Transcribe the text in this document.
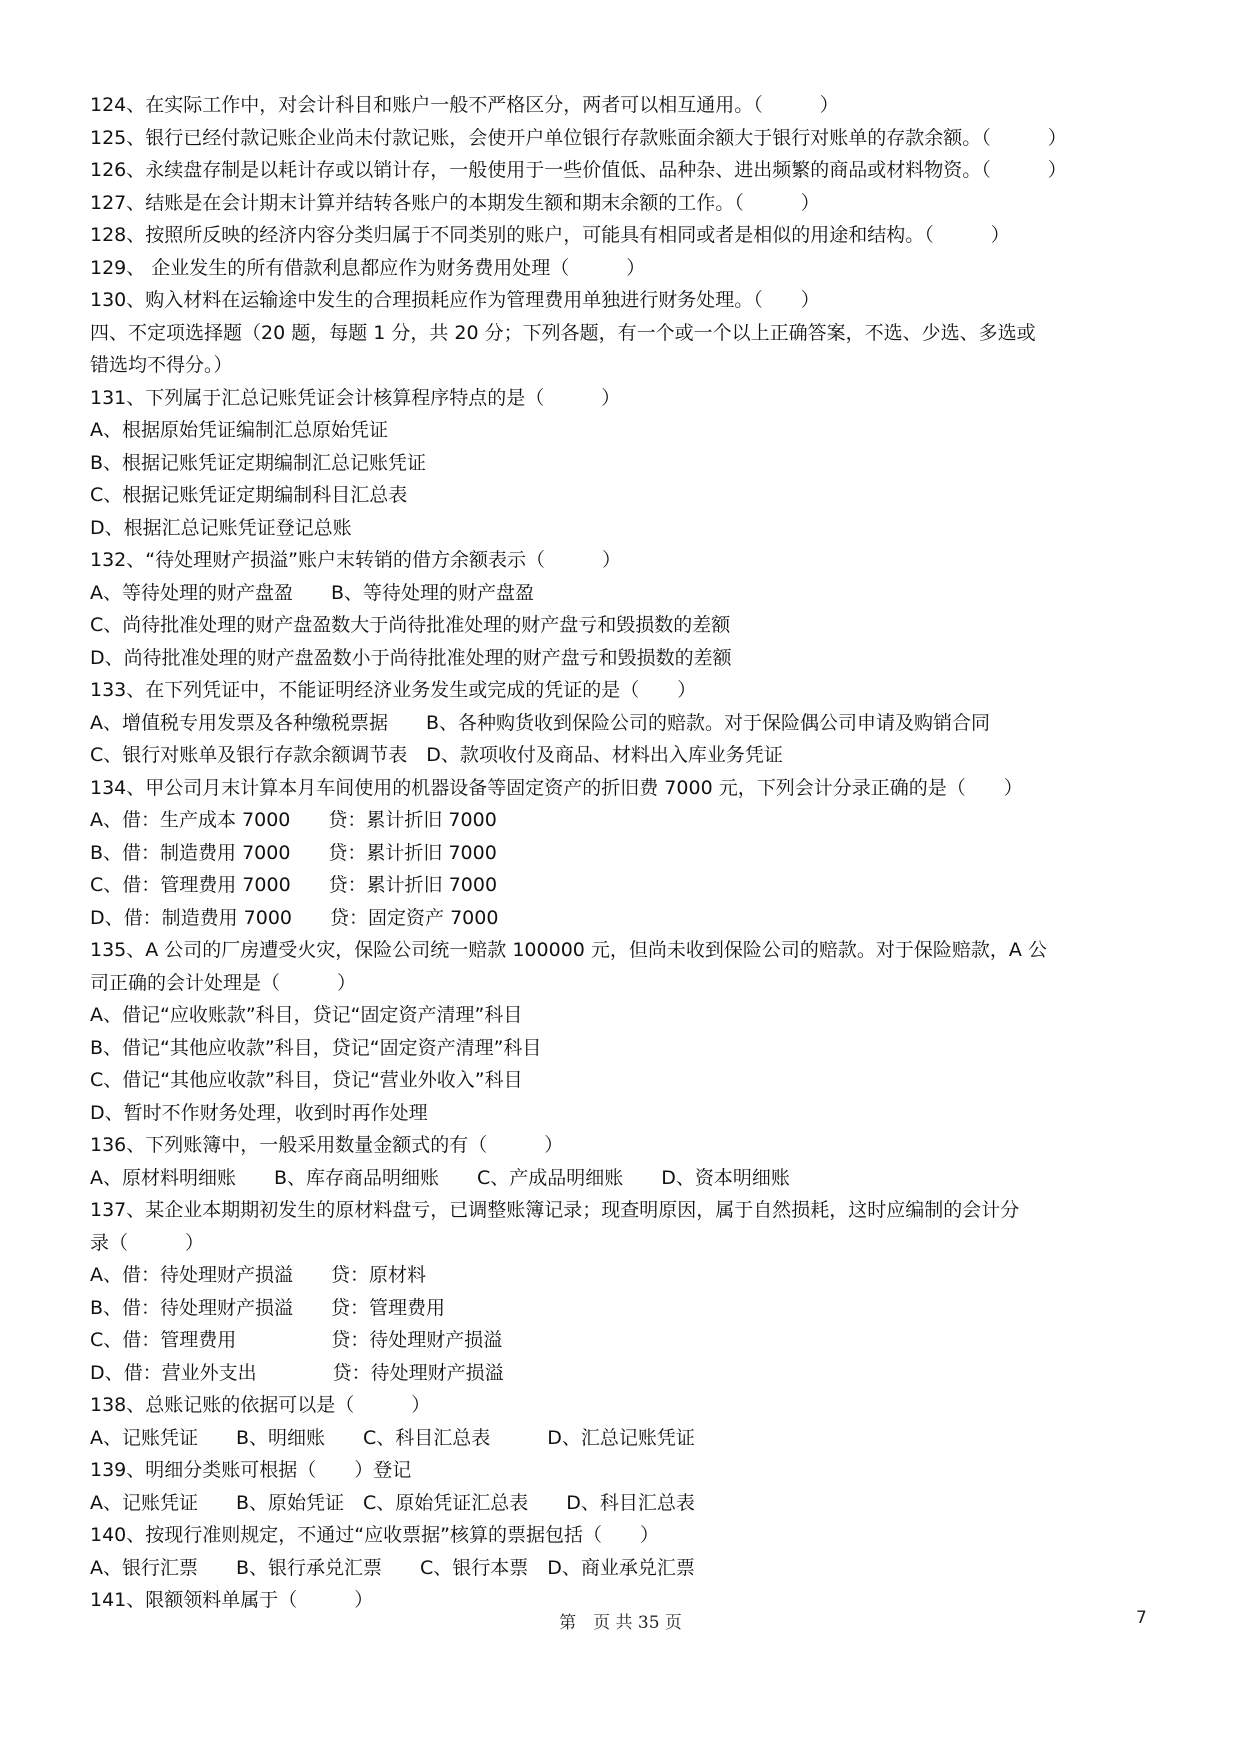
124、在实际工作中，对会计科目和账户一般不严格区分，两者可以相互通用。（　　　）
125、银行已经付款记账企业尚未付款记账，会使开户单位银行存款账面余额大于银行对账单的存款余额。（　　　）
126、永续盘存制是以耗计存或以销计存，一般使用于一些价值低、品种杂、进出频繁的商品或材料物资。（　　　）
127、结账是在会计期末计算并结转各账户的本期发生额和期末余额的工作。（　　　）
128、按照所反映的经济内容分类归属于不同类别的账户，可能具有相同或者是相似的用途和结构。（　　　）
129、 企业发生的所有借款利息都应作为财务费用处理（　　　）
130、购入材料在运输途中发生的合理损耗应作为管理费用单独进行财务处理。（　　）
四、不定项选择题（20 题，每题 1 分，共 20 分；下列各题，有一个或一个以上正确答案，不选、少选、多选或
错选均不得分。）
131、下列属于汇总记账凭证会计核算程序特点的是（　　　）
A、根据原始凭证编制汇总原始凭证
B、根据记账凭证定期编制汇总记账凭证
C、根据记账凭证定期编制科目汇总表
D、根据汇总记账凭证登记总账
132、“待处理财产损溢”账户末转销的借方余额表示（　　　）
A、等待处理的财产盘盈　　B、等待处理的财产盘盈
C、尚待批准处理的财产盘盈数大于尚待批准处理的财产盘亏和毁损数的差额
D、尚待批准处理的财产盘盈数小于尚待批准处理的财产盘亏和毁损数的差额
133、在下列凭证中，不能证明经济业务发生或完成的凭证的是（　　）
A、增值税专用发票及各种缴税票据　　B、各种购货收到保险公司的赔款。对于保险偶公司申请及购销合同
C、银行对账单及银行存款余额调节表　D、款项收付及商品、材料出入库业务凭证
134、甲公司月末计算本月车间使用的机器设备等固定资产的折旧费 7000 元，下列会计分录正确的是（　　）
A、借：生产成本 7000　　贷：累计折旧 7000
B、借：制造费用 7000　　贷：累计折旧 7000
C、借：管理费用 7000　　贷：累计折旧 7000
D、借：制造费用 7000　　贷：固定资产 7000
135、A 公司的厂房遭受火灾，保险公司统一赔款 100000 元，但尚未收到保险公司的赔款。对于保险赔款，A 公
司正确的会计处理是（　　　）
A、借记“应收账款”科目，贷记“固定资产清理”科目
B、借记“其他应收款”科目，贷记“固定资产清理”科目
C、借记“其他应收款”科目，贷记“营业外收入”科目
D、暂时不作财务处理，收到时再作处理
136、下列账簿中，一般采用数量金额式的有（　　　）
A、原材料明细账　　B、库存商品明细账　　C、产成品明细账　　D、资本明细账
137、某企业本期期初发生的原材料盘亏，已调整账簿记录；现查明原因，属于自然损耗，这时应编制的会计分
录（　　　）
A、借：待处理财产损溢　　贷：原材料
B、借：待处理财产损溢　　贷：管理费用
C、借：管理费用　　　　　贷：待处理财产损溢
D、借：营业外支出　　　　贷：待处理财产损溢
138、总账记账的依据可以是（　　　）
A、记账凭证　　B、明细账　　C、科目汇总表　　　D、汇总记账凭证
139、明细分类账可根据（　　）登记
A、记账凭证　　B、原始凭证　C、原始凭证汇总表　　D、科目汇总表
140、按现行准则规定，不通过“应收票据”核算的票据包括（　　）
A、银行汇票　　B、银行承兑汇票　　C、银行本票　D、商业承兑汇票
141、限额领料单属于（　　　）
第　页 共 35 页	7
